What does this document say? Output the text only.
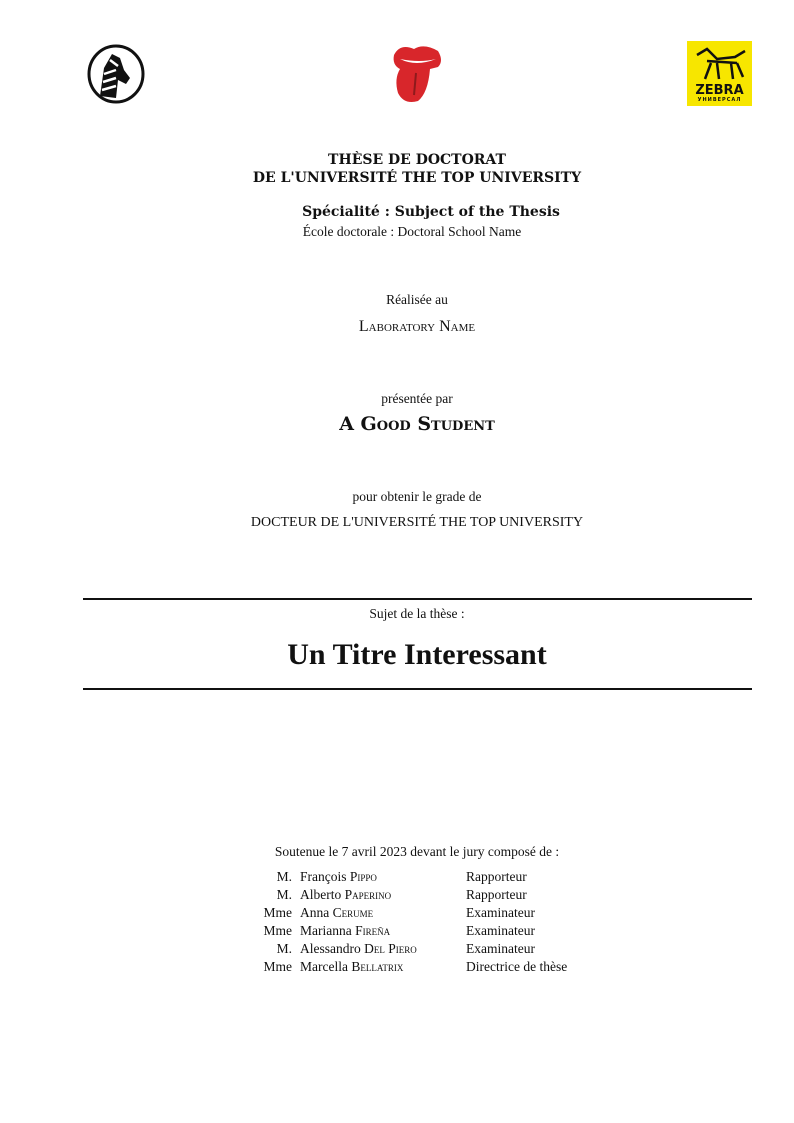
ZEBRA
УНИВЕРСАЛ
THÈSE DE DOCTORAT
DE L'UNIVERSITÉ THE TOP UNIVERSITY
Spécialité : Subject of the Thesis
École doctorale : Doctoral School Name
Réalisée au
Laboratory Name
présentée par
A Good Student
pour obtenir le grade de
DOCTEUR DE L'UNIVERSITÉ THE TOP UNIVERSITY
Sujet de la thèse :
Un Titre Interessant
Soutenue le 7 avril 2023 devant le jury composé de :
M.	François Pippo	Rapporteur
M.	Alberto Paperino	Rapporteur
Mme	Anna Cerume	Examinateur
Mme	Marianna Fireña	Examinateur
M.	Alessandro Del Piero	Examinateur
Mme	Marcella Bellatrix	Directrice de thèse
